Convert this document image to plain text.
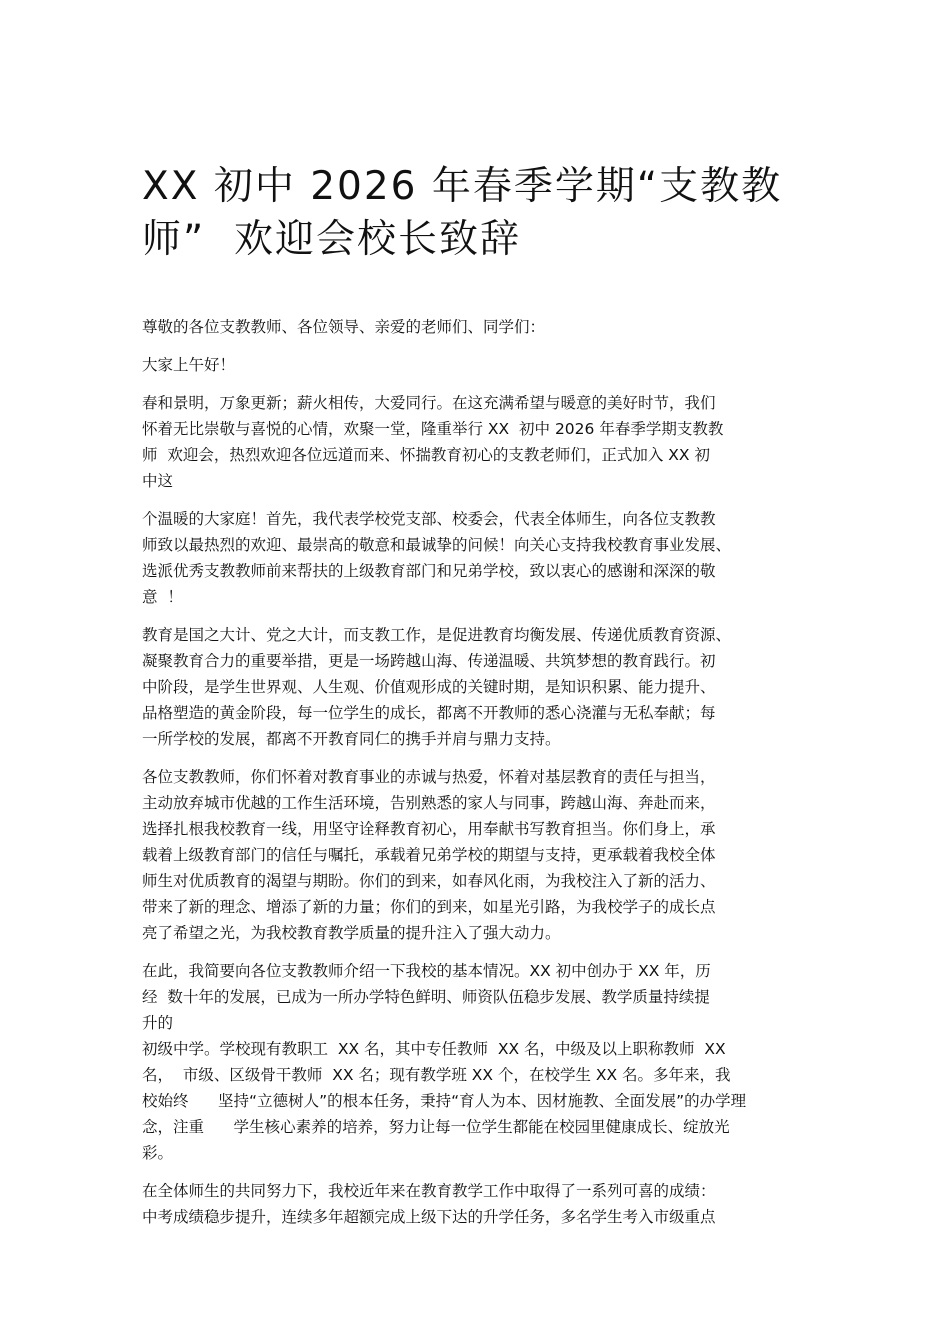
XX 初中 2026 年春季学期“支教教
师”  欢迎会校长致辞

尊敬的各位支教教师、各位领导、亲爱的老师们、同学们：

大家上午好！

春和景明，万象更新；薪火相传，大爱同行。在这充满希望与暖意的美好时节，我们
怀着无比崇敬与喜悦的心情，欢聚一堂，隆重举行 XX  初中 2026 年春季学期支教教
师  欢迎会，热烈欢迎各位远道而来、怀揣教育初心的支教老师们，正式加入 XX 初
中这

个温暖的大家庭！首先，我代表学校党支部、校委会，代表全体师生，向各位支教教
师致以最热烈的欢迎、最崇高的敬意和最诚挚的问候！向关心支持我校教育事业发展、
选派优秀支教教师前来帮扶的上级教育部门和兄弟学校，致以衷心的感谢和深深的敬
意  ！

教育是国之大计、党之大计，而支教工作，是促进教育均衡发展、传递优质教育资源、
凝聚教育合力的重要举措，更是一场跨越山海、传递温暖、共筑梦想的教育践行。初
中阶段，是学生世界观、人生观、价值观形成的关键时期，是知识积累、能力提升、
品格塑造的黄金阶段，每一位学生的成长，都离不开教师的悉心浇灌与无私奉献；每
一所学校的发展，都离不开教育同仁的携手并肩与鼎力支持。

各位支教教师，你们怀着对教育事业的赤诚与热爱，怀着对基层教育的责任与担当，
主动放弃城市优越的工作生活环境，告别熟悉的家人与同事，跨越山海、奔赴而来，
选择扎根我校教育一线，用坚守诠释教育初心，用奉献书写教育担当。你们身上，承
载着上级教育部门的信任与嘱托，承载着兄弟学校的期望与支持，更承载着我校全体
师生对优质教育的渴望与期盼。你们的到来，如春风化雨，为我校注入了新的活力、
带来了新的理念、增添了新的力量；你们的到来，如星光引路，为我校学子的成长点
亮了希望之光，为我校教育教学质量的提升注入了强大动力。

在此，我简要向各位支教教师介绍一下我校的基本情况。XX 初中创办于 XX 年，历
经  数十年的发展，已成为一所办学特色鲜明、师资队伍稳步发展、教学质量持续提
升的
初级中学。学校现有教职工  XX 名，其中专任教师  XX 名，中级及以上职称教师  XX
名，  市级、区级骨干教师  XX 名；现有教学班 XX 个，在校学生 XX 名。多年来，我
校始终      坚持“立德树人”的根本任务，秉持“育人为本、因材施教、全面发展”的办学理
念，注重      学生核心素养的培养，努力让每一位学生都能在校园里健康成长、绽放光
彩。

在全体师生的共同努力下，我校近年来在教育教学工作中取得了一系列可喜的成绩：
中考成绩稳步提升，连续多年超额完成上级下达的升学任务，多名学生考入市级重点
